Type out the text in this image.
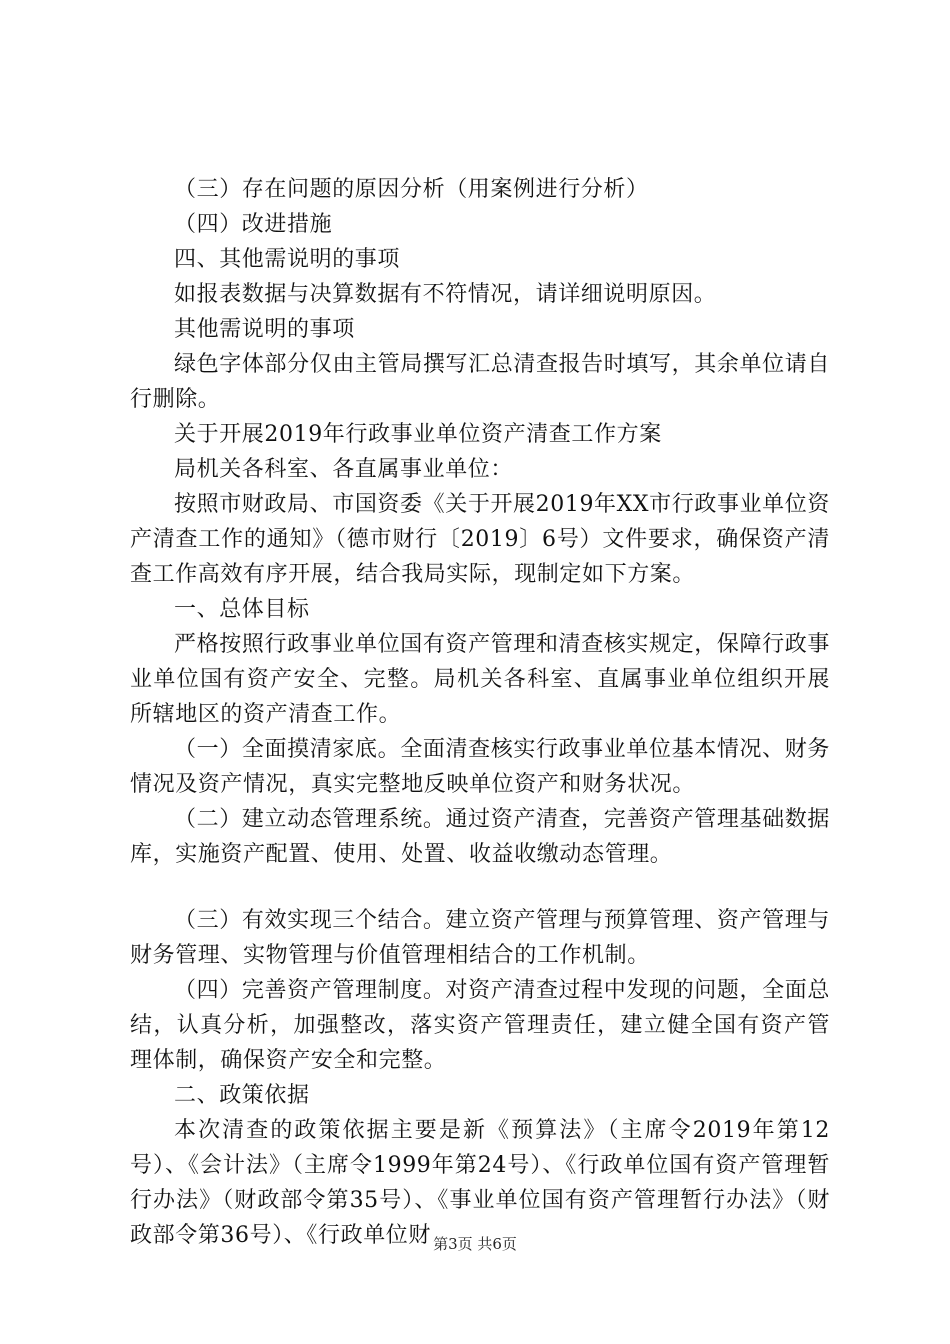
（三）存在问题的原因分析（用案例进行分析）

（四）改进措施

四、其他需说明的事项

如报表数据与决算数据有不符情况，请详细说明原因。

其他需说明的事项

绿色字体部分仅由主管局撰写汇总清查报告时填写，其余单位请自行删除。

关于开展2019年行政事业单位资产清查工作方案

局机关各科室、各直属事业单位：

按照市财政局、市国资委《关于开展2019年XX市行政事业单位资产清查工作的通知》（德市财行〔2019〕6号）文件要求，确保资产清查工作高效有序开展，结合我局实际，现制定如下方案。

一、总体目标

严格按照行政事业单位国有资产管理和清查核实规定，保障行政事业单位国有资产安全、完整。局机关各科室、直属事业单位组织开展所辖地区的资产清查工作。

（一）全面摸清家底。全面清查核实行政事业单位基本情况、财务情况及资产情况，真实完整地反映单位资产和财务状况。

（二）建立动态管理系统。通过资产清查，完善资产管理基础数据库，实施资产配置、使用、处置、收益收缴动态管理。

（三）有效实现三个结合。建立资产管理与预算管理、资产管理与财务管理、实物管理与价值管理相结合的工作机制。

（四）完善资产管理制度。对资产清查过程中发现的问题，全面总结，认真分析，加强整改，落实资产管理责任，建立健全国有资产管理体制，确保资产安全和完整。

二、政策依据

本次清查的政策依据主要是新《预算法》（主席令2019年第12号）、《会计法》（主席令1999年第24号）、《行政单位国有资产管理暂行办法》（财政部令第35号）、《事业单位国有资产管理暂行办法》（财政部令第36号）、《行政单位财 第3页 共6页
